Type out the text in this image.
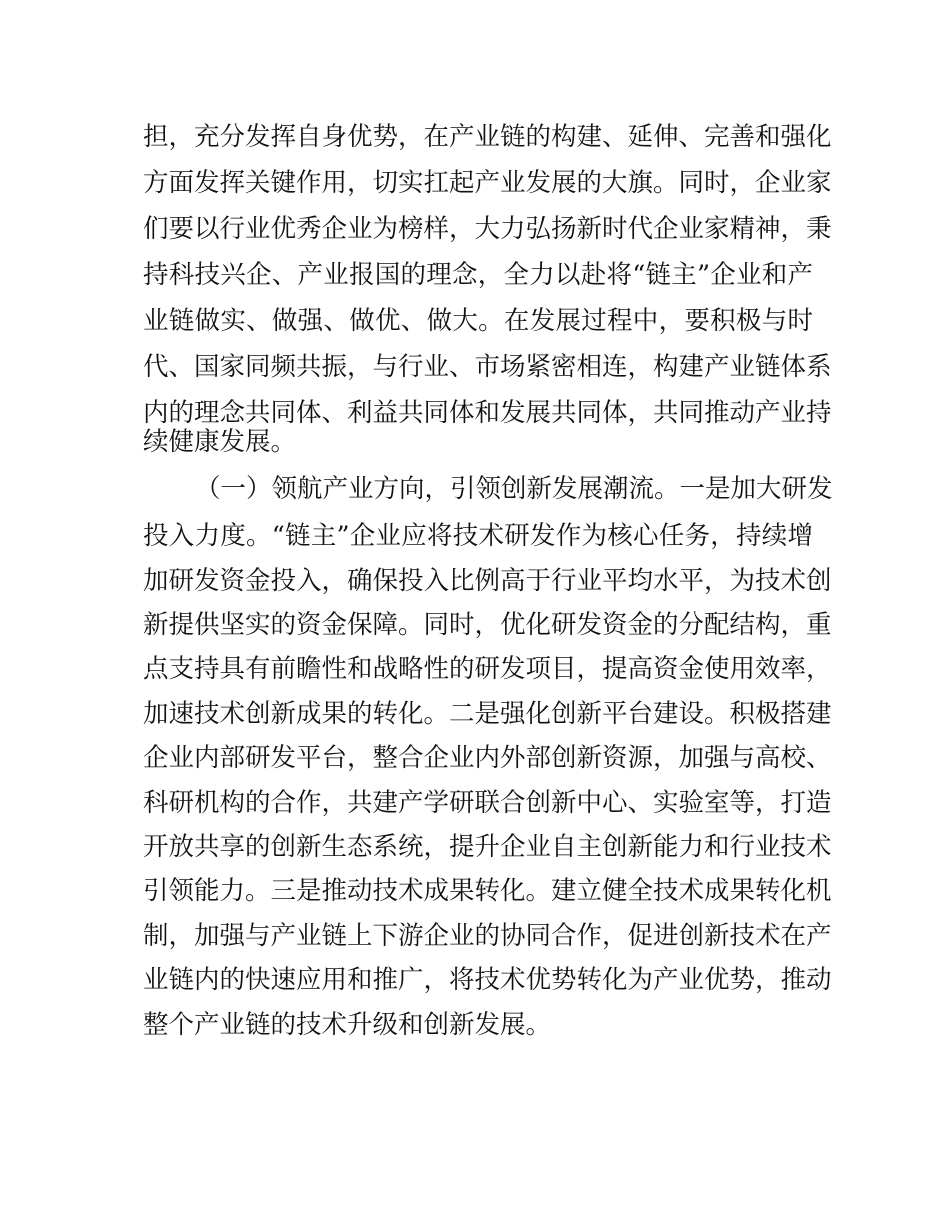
担，充分发挥自身优势，在产业链的构建、延伸、完善和强化
方面发挥关键作用，切实扛起产业发展的大旗。同时，企业家
们要以行业优秀企业为榜样，大力弘扬新时代企业家精神，秉
持科技兴企、产业报国的理念，全力以赴将“链主”企业和产
业链做实、做强、做优、做大。在发展过程中，要积极与时
代、国家同频共振，与行业、市场紧密相连，构建产业链体系
内的理念共同体、利益共同体和发展共同体，共同推动产业持
续健康发展。
（一）领航产业方向，引领创新发展潮流。一是加大研发
投入力度。“链主”企业应将技术研发作为核心任务，持续增
加研发资金投入，确保投入比例高于行业平均水平，为技术创
新提供坚实的资金保障。同时，优化研发资金的分配结构，重
点支持具有前瞻性和战略性的研发项目，提高资金使用效率，
加速技术创新成果的转化。二是强化创新平台建设。积极搭建
企业内部研发平台，整合企业内外部创新资源，加强与高校、
科研机构的合作，共建产学研联合创新中心、实验室等，打造
开放共享的创新生态系统，提升企业自主创新能力和行业技术
引领能力。三是推动技术成果转化。建立健全技术成果转化机
制，加强与产业链上下游企业的协同合作，促进创新技术在产
业链内的快速应用和推广，将技术优势转化为产业优势，推动
整个产业链的技术升级和创新发展。
